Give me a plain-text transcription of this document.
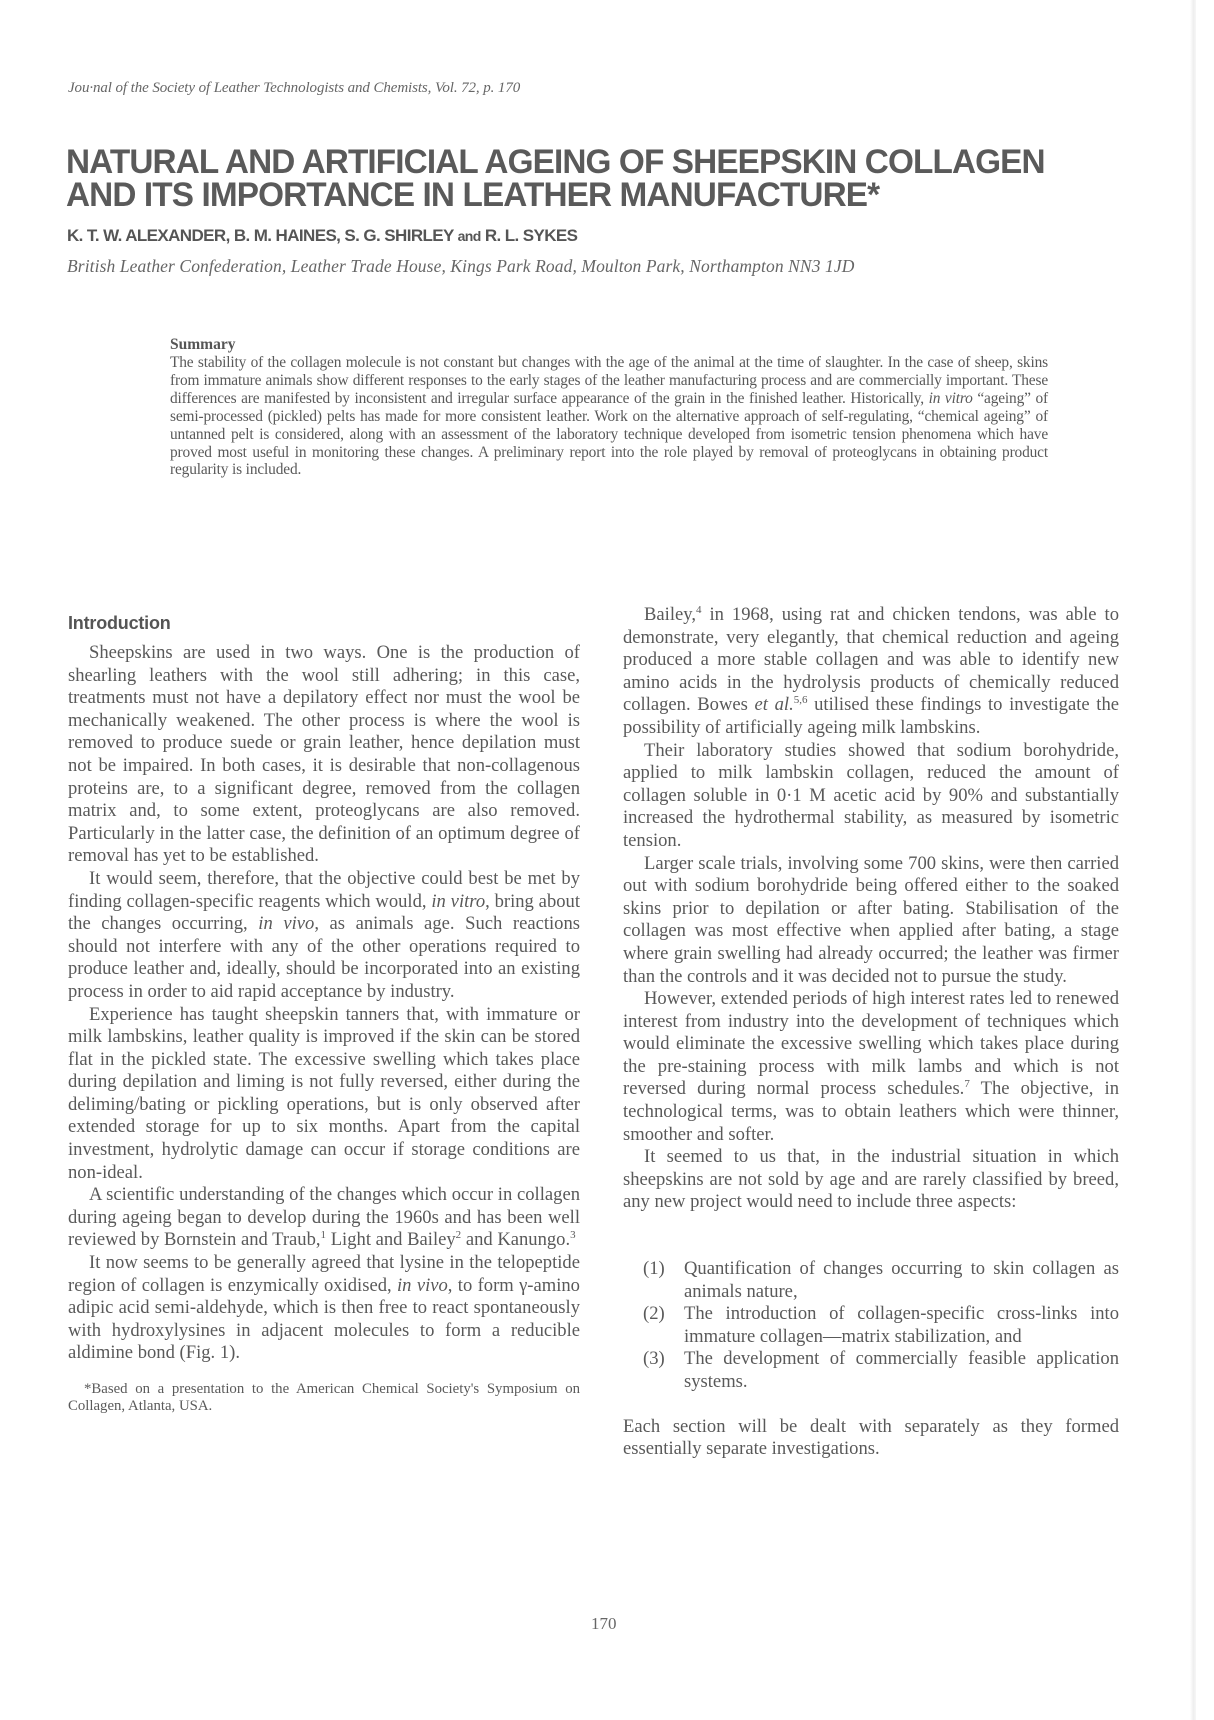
Jou·nal of the Society of Leather Technologists and Chemists, Vol. 72, p. 170
NATURAL AND ARTIFICIAL AGEING OF SHEEPSKIN COLLAGEN
AND ITS IMPORTANCE IN LEATHER MANUFACTURE*
K. T. W. ALEXANDER, B. M. HAINES, S. G. SHIRLEY and R. L. SYKES
British Leather Confederation, Leather Trade House, Kings Park Road, Moulton Park, Northampton NN3 1JD
Summary

The stability of the collagen molecule is not constant but changes with the age of the animal at the time of slaughter. In the case of sheep, skins from immature animals show different responses to the early stages of the leather manufacturing process and are commercially important. These differences are manifested by inconsistent and irregular surface appearance of the grain in the finished leather. Historically, in vitro “ageing” of semi-processed (pickled) pelts has made for more consistent leather. Work on the alternative approach of self-regulating, “chemical ageing” of untanned pelt is considered, along with an assessment of the laboratory technique developed from isometric tension phenomena which have proved most useful in monitoring these changes. A preliminary report into the role played by removal of proteoglycans in obtaining product regularity is included.

Introduction

Sheepskins are used in two ways. One is the production of shearling leathers with the wool still adhering; in this case, treatments must not have a depilatory effect nor must the wool be mechanically weakened. The other process is where the wool is removed to produce suede or grain leather, hence depilation must not be impaired. In both cases, it is desirable that non-collagenous proteins are, to a significant degree, removed from the collagen matrix and, to some extent, proteoglycans are also removed. Particularly in the latter case, the definition of an optimum degree of removal has yet to be established.

It would seem, therefore, that the objective could best be met by finding collagen-specific reagents which would, in vitro, bring about the changes occurring, in vivo, as animals age. Such reactions should not interfere with any of the other operations required to produce leather and, ideally, should be incorporated into an existing process in order to aid rapid acceptance by industry.

Experience has taught sheepskin tanners that, with immature or milk lambskins, leather quality is improved if the skin can be stored flat in the pickled state. The excessive swelling which takes place during depilation and liming is not fully reversed, either during the deliming/bating or pickling operations, but is only observed after extended storage for up to six months. Apart from the capital investment, hydrolytic damage can occur if storage conditions are non-ideal.

A scientific understanding of the changes which occur in collagen during ageing began to develop during the 1960s and has been well reviewed by Bornstein and Traub,$^1$ Light and Bailey$^2$ and Kanungo.$^3$

It now seems to be generally agreed that lysine in the telopeptide region of collagen is enzymically oxidised, in vivo, to form γ-amino adipic acid semi-aldehyde, which is then free to react spontaneously with hydroxylysines in adjacent molecules to form a reducible aldimine bond (Fig. 1).

*Based on a presentation to the American Chemical Society's Symposium on Collagen, Atlanta, USA.

Bailey,$^4$ in 1968, using rat and chicken tendons, was able to demonstrate, very elegantly, that chemical reduction and ageing produced a more stable collagen and was able to identify new amino acids in the hydrolysis products of chemically reduced collagen. Bowes et al.$^{5,6}$ utilised these findings to investigate the possibility of artificially ageing milk lambskins.

Their laboratory studies showed that sodium borohydride, applied to milk lambskin collagen, reduced the amount of collagen soluble in 0·1 M acetic acid by 90% and substantially increased the hydrothermal stability, as measured by isometric tension.

Larger scale trials, involving some 700 skins, were then carried out with sodium borohydride being offered either to the soaked skins prior to depilation or after bating. Stabilisation of the collagen was most effective when applied after bating, a stage where grain swelling had already occurred; the leather was firmer than the controls and it was decided not to pursue the study.

However, extended periods of high interest rates led to renewed interest from industry into the development of techniques which would eliminate the excessive swelling which takes place during the pre-staining process with milk lambs and which is not reversed during normal process schedules.$^7$ The objective, in technological terms, was to obtain leathers which were thinner, smoother and softer.

It seemed to us that, in the industrial situation in which sheepskins are not sold by age and are rarely classified by breed, any new project would need to include three aspects:

(1)	Quantification of changes occurring to skin collagen as animals nature,
(2)	The introduction of collagen-specific cross-links into immature collagen—matrix stabilization, and
(3)	The development of commercially feasible application systems.

Each section will be dealt with separately as they formed essentially separate investigations.

170
